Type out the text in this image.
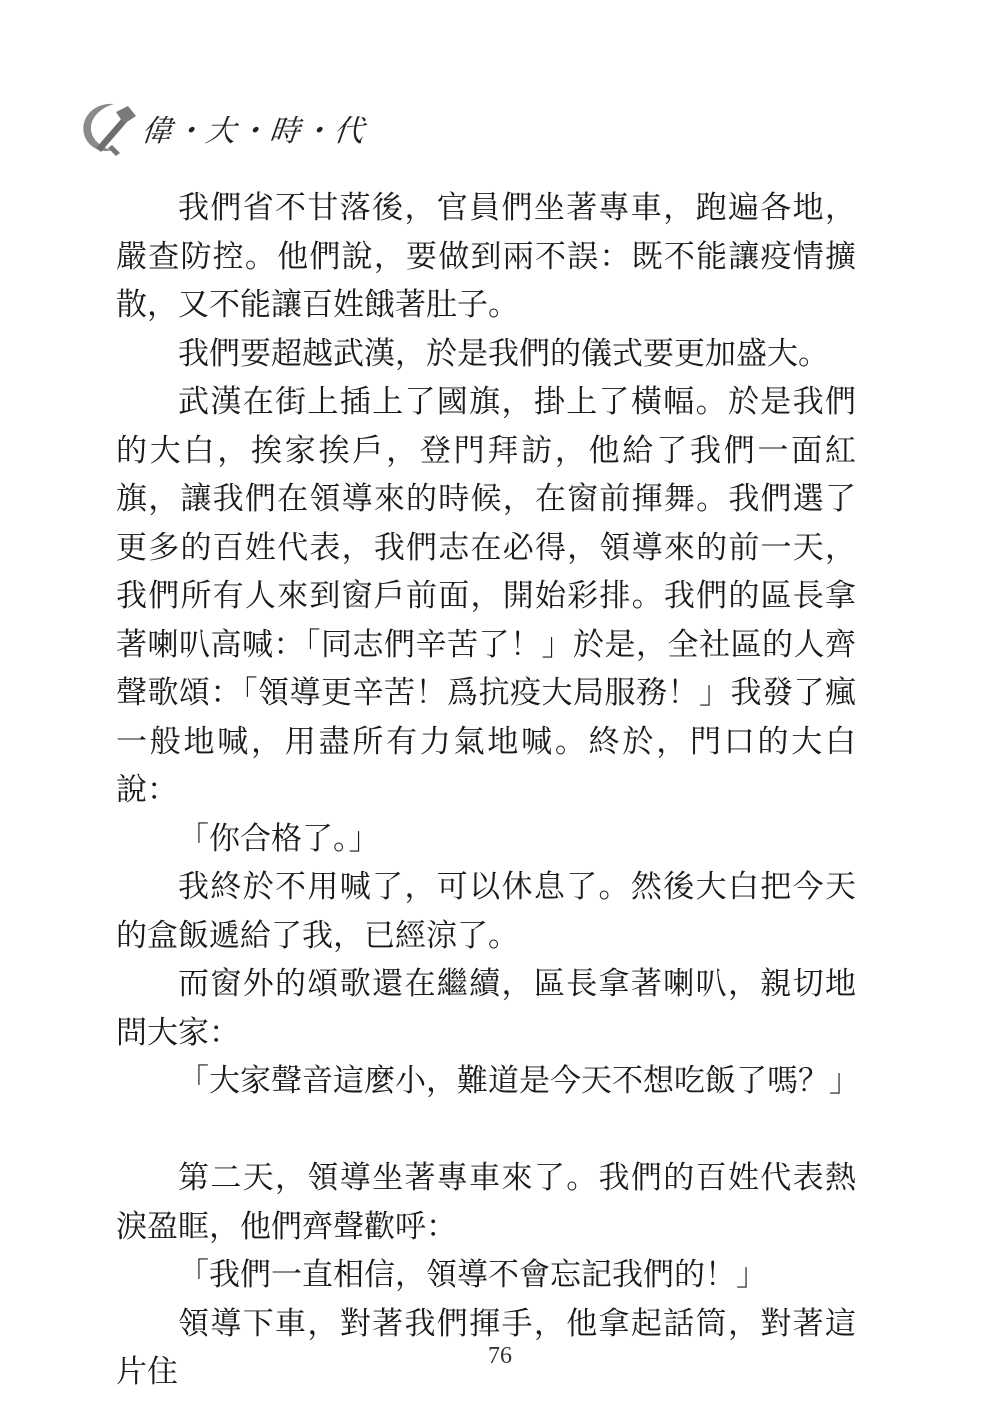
偉・大・時・代

我們省不甘落後，官員們坐著專車，跑遍各地，嚴查防控。他們說，要做到兩不誤：既不能讓疫情擴散，又不能讓百姓餓著肚子。

我們要超越武漢，於是我們的儀式要更加盛大。

武漢在街上插上了國旗，掛上了橫幅。於是我們的大白，挨家挨戶，登門拜訪，他給了我們一面紅旗，讓我們在領導來的時候，在窗前揮舞。我們選了更多的百姓代表，我們志在必得，領導來的前一天，我們所有人來到窗戶前面，開始彩排。我們的區長拿著喇叭高喊：「同志們辛苦了！」於是，全社區的人齊聲歌頌：「領導更辛苦！爲抗疫大局服務！」我發了瘋一般地喊，用盡所有力氣地喊。終於，門口的大白說：

「你合格了。」

我終於不用喊了，可以休息了。然後大白把今天的盒飯遞給了我，已經涼了。

而窗外的頌歌還在繼續，區長拿著喇叭，親切地問大家：

「大家聲音這麼小，難道是今天不想吃飯了嗎？」

第二天，領導坐著專車來了。我們的百姓代表熱淚盈眶，他們齊聲歡呼：

「我們一直相信，領導不會忘記我們的！」

領導下車，對著我們揮手，他拿起話筒，對著這片住	76
